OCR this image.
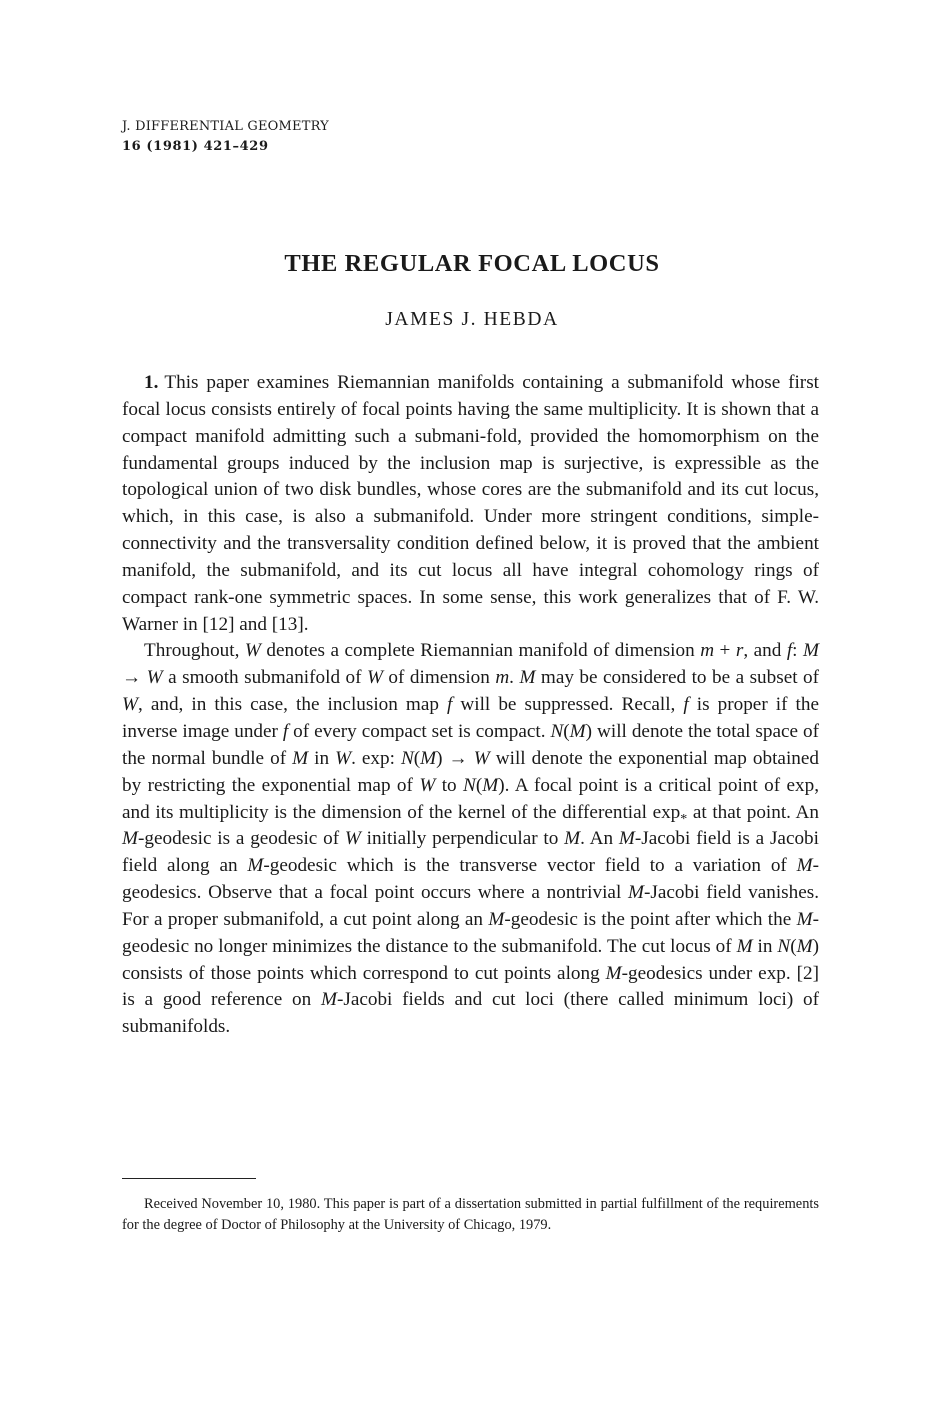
J. DIFFERENTIAL GEOMETRY
16 (1981) 421–429
THE REGULAR FOCAL LOCUS
JAMES J. HEBDA

1. This paper examines Riemannian manifolds containing a submanifold whose first focal locus consists entirely of focal points having the same multiplicity. It is shown that a compact manifold admitting such a submani-fold, provided the homomorphism on the fundamental groups induced by the inclusion map is surjective, is expressible as the topological union of two disk bundles, whose cores are the submanifold and its cut locus, which, in this case, is also a submanifold. Under more stringent conditions, simple-connectivity and the transversality condition defined below, it is proved that the ambient manifold, the submanifold, and its cut locus all have integral cohomology rings of compact rank-one symmetric spaces. In some sense, this work generalizes that of F. W. Warner in [12] and [13].

Throughout, W denotes a complete Riemannian manifold of dimension m + r, and f: M → W a smooth submanifold of W of dimension m. M may be considered to be a subset of W, and, in this case, the inclusion map f will be suppressed. Recall, f is proper if the inverse image under f of every compact set is compact. N(M) will denote the total space of the normal bundle of M in W. exp: N(M) → W will denote the exponential map obtained by restricting the exponential map of W to N(M). A focal point is a critical point of exp, and its multiplicity is the dimension of the kernel of the differential $\exp_*$ at that point. An M-geodesic is a geodesic of W initially perpendicular to M. An M-Jacobi field is a Jacobi field along an M-geodesic which is the transverse vector field to a variation of M-geodesics. Observe that a focal point occurs where a nontrivial M-Jacobi field vanishes. For a proper submanifold, a cut point along an M-geodesic is the point after which the M-geodesic no longer minimizes the distance to the submanifold. The cut locus of M in N(M) consists of those points which correspond to cut points along M-geodesics under exp. [2] is a good reference on M-Jacobi fields and cut loci (there called minimum loci) of submanifolds.

Received November 10, 1980. This paper is part of a dissertation submitted in partial fulfillment of the requirements for the degree of Doctor of Philosophy at the University of Chicago, 1979.
